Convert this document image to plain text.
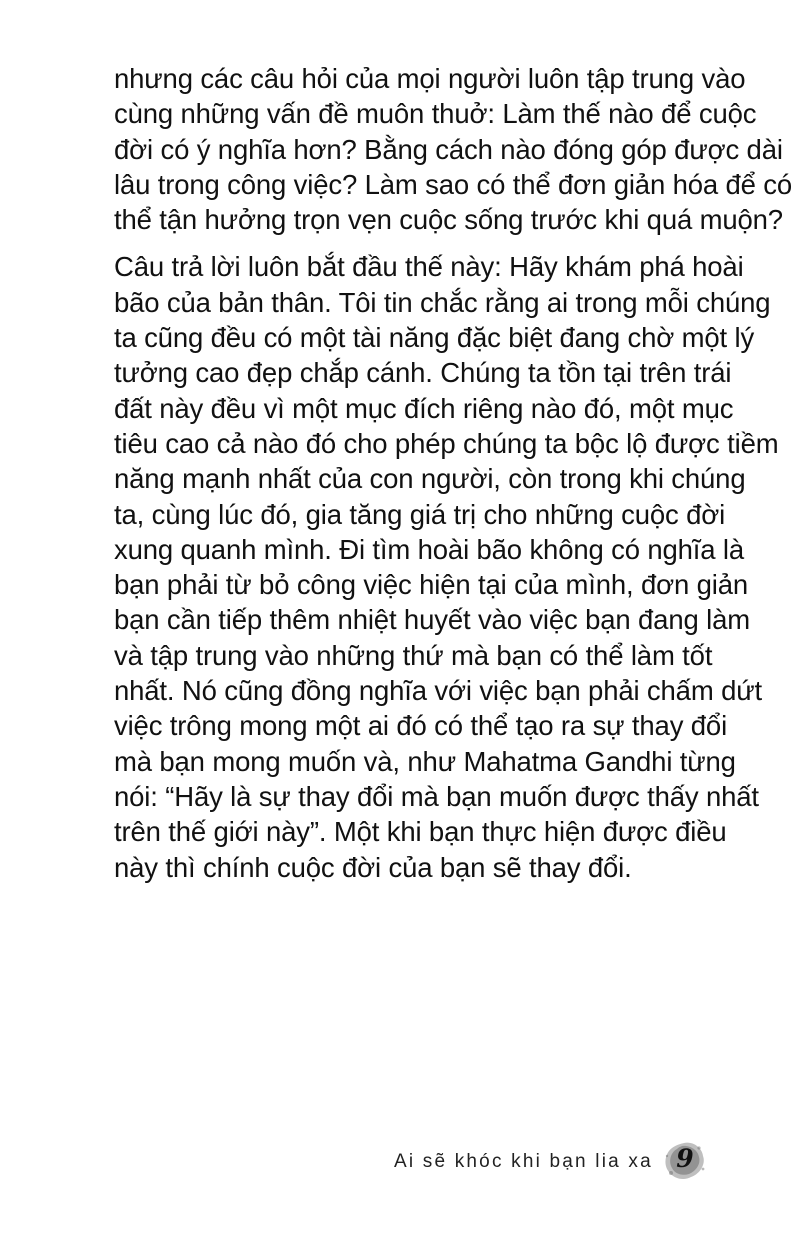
nhưng các câu hỏi của mọi người luôn tập trung vào
cùng những vấn đề muôn thuở: Làm thế nào để cuộc
đời có ý nghĩa hơn? Bằng cách nào đóng góp được dài
lâu trong công việc? Làm sao có thể đơn giản hóa để có
thể tận hưởng trọn vẹn cuộc sống trước khi quá muộn?

Câu trả lời luôn bắt đầu thế này: Hãy khám phá hoài
bão của bản thân. Tôi tin chắc rằng ai trong mỗi chúng
ta cũng đều có một tài năng đặc biệt đang chờ một lý
tưởng cao đẹp chắp cánh. Chúng ta tồn tại trên trái
đất này đều vì một mục đích riêng nào đó, một mục
tiêu cao cả nào đó cho phép chúng ta bộc lộ được tiềm
năng mạnh nhất của con người, còn trong khi chúng
ta, cùng lúc đó, gia tăng giá trị cho những cuộc đời
xung quanh mình. Đi tìm hoài bão không có nghĩa là
bạn phải từ bỏ công việc hiện tại của mình, đơn giản
bạn cần tiếp thêm nhiệt huyết vào việc bạn đang làm
và tập trung vào những thứ mà bạn có thể làm tốt
nhất. Nó cũng đồng nghĩa với việc bạn phải chấm dứt
việc trông mong một ai đó có thể tạo ra sự thay đổi
mà bạn mong muốn và, như Mahatma Gandhi từng
nói: “Hãy là sự thay đổi mà bạn muốn được thấy nhất
trên thế giới này”. Một khi bạn thực hiện được điều
này thì chính cuộc đời của bạn sẽ thay đổi.

Ai sẽ khóc khi bạn lia xa 9
